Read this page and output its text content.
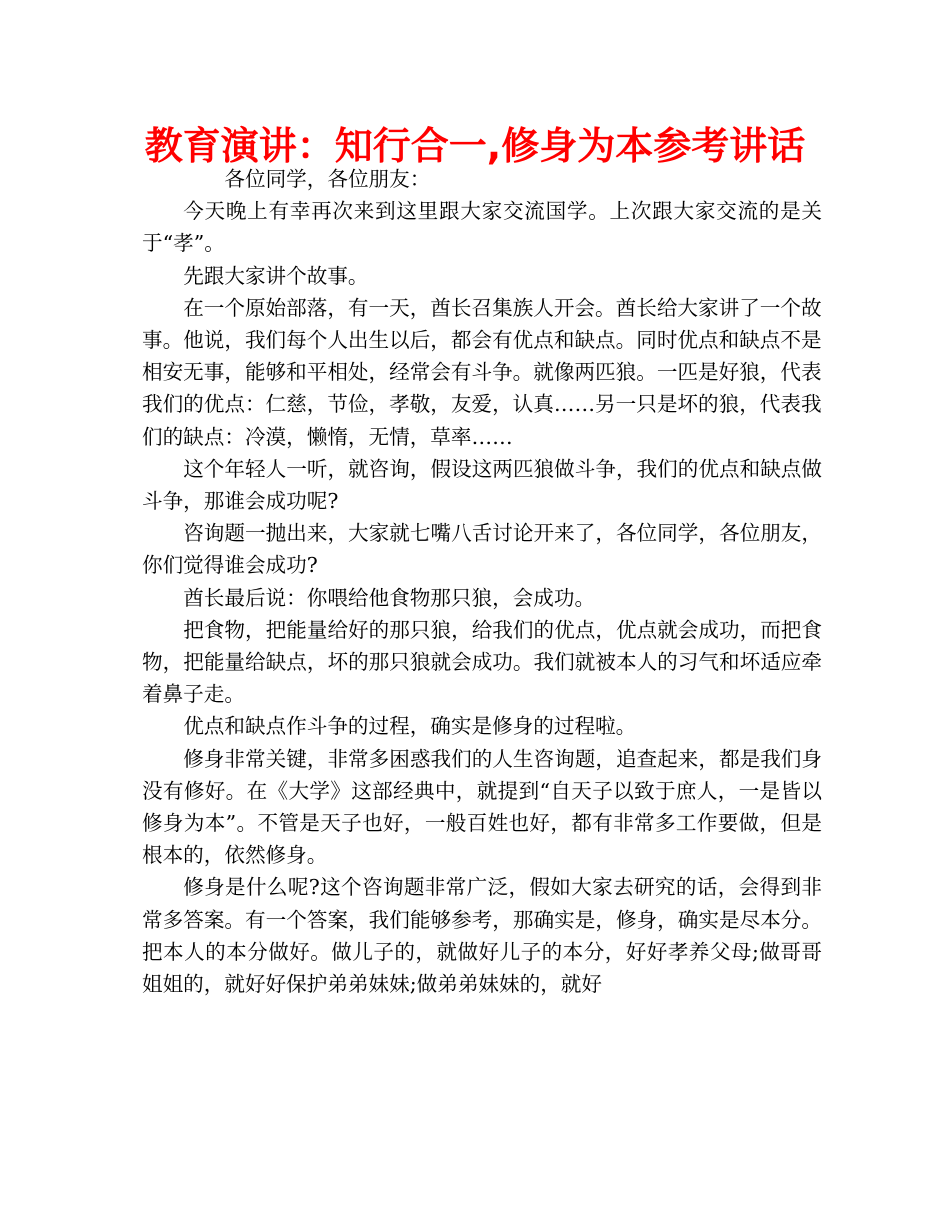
教育演讲：知行合一,修身为本参考讲话

各位同学，各位朋友：

今天晚上有幸再次来到这里跟大家交流国学。上次跟大家交流的是关于“孝”。

先跟大家讲个故事。

在一个原始部落，有一天，酋长召集族人开会。酋长给大家讲了一个故事。他说，我们每个人出生以后，都会有优点和缺点。同时优点和缺点不是相安无事，能够和平相处，经常会有斗争。就像两匹狼。一匹是好狼，代表我们的优点：仁慈，节俭，孝敬，友爱，认真……另一只是坏的狼，代表我们的缺点：冷漠，懒惰，无情，草率……

这个年轻人一听，就咨询，假设这两匹狼做斗争，我们的优点和缺点做斗争，那谁会成功呢?

咨询题一抛出来，大家就七嘴八舌讨论开来了，各位同学，各位朋友，你们觉得谁会成功?

酋长最后说：你喂给他食物那只狼，会成功。

把食物，把能量给好的那只狼，给我们的优点，优点就会成功，而把食物，把能量给缺点，坏的那只狼就会成功。我们就被本人的习气和坏适应牵着鼻子走。

优点和缺点作斗争的过程，确实是修身的过程啦。

修身非常关键，非常多困惑我们的人生咨询题，追查起来，都是我们身没有修好。在《大学》这部经典中，就提到“自天子以致于庶人，一是皆以修身为本”。不管是天子也好，一般百姓也好，都有非常多工作要做，但是根本的，依然修身。

修身是什么呢?这个咨询题非常广泛，假如大家去研究的话，会得到非常多答案。有一个答案，我们能够参考，那确实是，修身，确实是尽本分。把本人的本分做好。做儿子的，就做好儿子的本分，好好孝养父母;做哥哥姐姐的，就好好保护弟弟妹妹;做弟弟妹妹的，就好
